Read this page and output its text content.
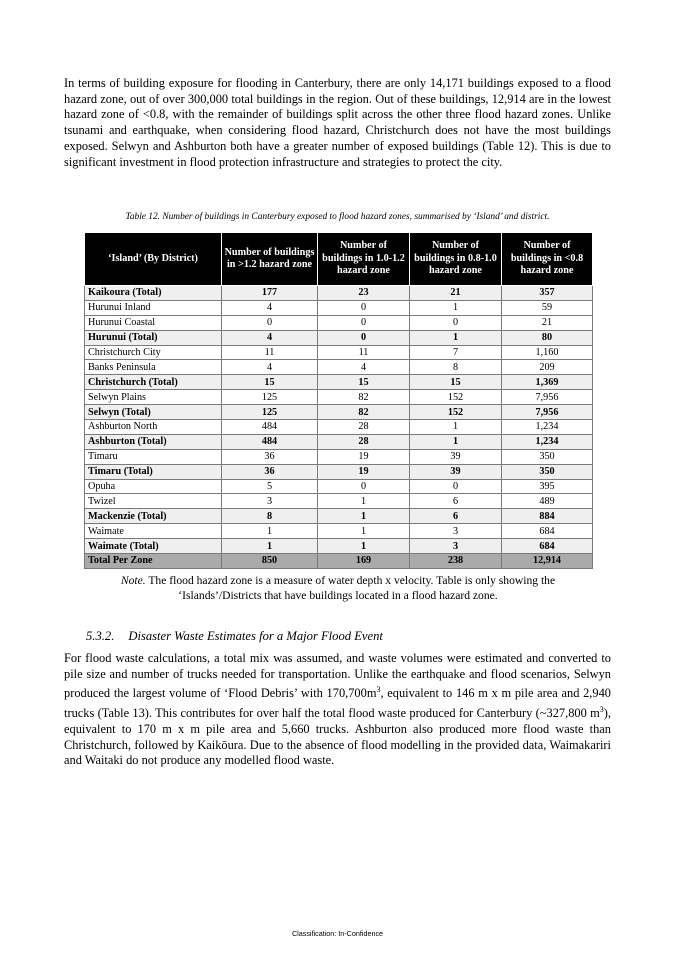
In terms of building exposure for flooding in Canterbury, there are only 14,171 buildings exposed to a flood hazard zone, out of over 300,000 total buildings in the region. Out of these buildings, 12,914 are in the lowest hazard zone of <0.8, with the remainder of buildings split across the other three flood hazard zones. Unlike tsunami and earthquake, when considering flood hazard, Christchurch does not have the most buildings exposed. Selwyn and Ashburton both have a greater number of exposed buildings (Table 12). This is due to significant investment in flood protection infrastructure and strategies to protect the city.

Table 12. Number of buildings in Canterbury exposed to flood hazard zones, summarised by ‘Island’ and district.

‘Island’ (By District)	Number of buildings in >1.2 hazard zone	Number of buildings in 1.0-1.2 hazard zone	Number of buildings in 0.8-1.0 hazard zone	Number of buildings in <0.8 hazard zone
Kaikoura (Total)	177	23	21	357
Hurunui Inland	4	0	1	59
Hurunui Coastal	0	0	0	21
Hurunui (Total)	4	0	1	80
Christchurch City	11	11	7	1,160
Banks Peninsula	4	4	8	209
Christchurch (Total)	15	15	15	1,369
Selwyn Plains	125	82	152	7,956
Selwyn (Total)	125	82	152	7,956
Ashburton North	484	28	1	1,234
Ashburton (Total)	484	28	1	1,234
Timaru	36	19	39	350
Timaru (Total)	36	19	39	350
Opuha	5	0	0	395
Twizel	3	1	6	489
Mackenzie (Total)	8	1	6	884
Waimate	1	1	3	684
Waimate (Total)	1	1	3	684
Total Per Zone	850	169	238	12,914

Note. The flood hazard zone is a measure of water depth x velocity. Table is only showing the ‘Islands’/Districts that have buildings located in a flood hazard zone.

5.3.2. Disaster Waste Estimates for a Major Flood Event

For flood waste calculations, a total mix was assumed, and waste volumes were estimated and converted to pile size and number of trucks needed for transportation. Unlike the earthquake and flood scenarios, Selwyn produced the largest volume of ‘Flood Debris’ with $170,700m^3$, equivalent to 146 m x m pile area and 2,940 trucks (Table 13). This contributes for over half the total flood waste produced for Canterbury (~327,800 $m^3$), equivalent to 170 m x m pile area and 5,660 trucks. Ashburton also produced more flood waste than Christchurch, followed by Kaikōura. Due to the absence of flood modelling in the provided data, Waimakariri and Waitaki do not produce any modelled flood waste.

Classification: In-Confidence
